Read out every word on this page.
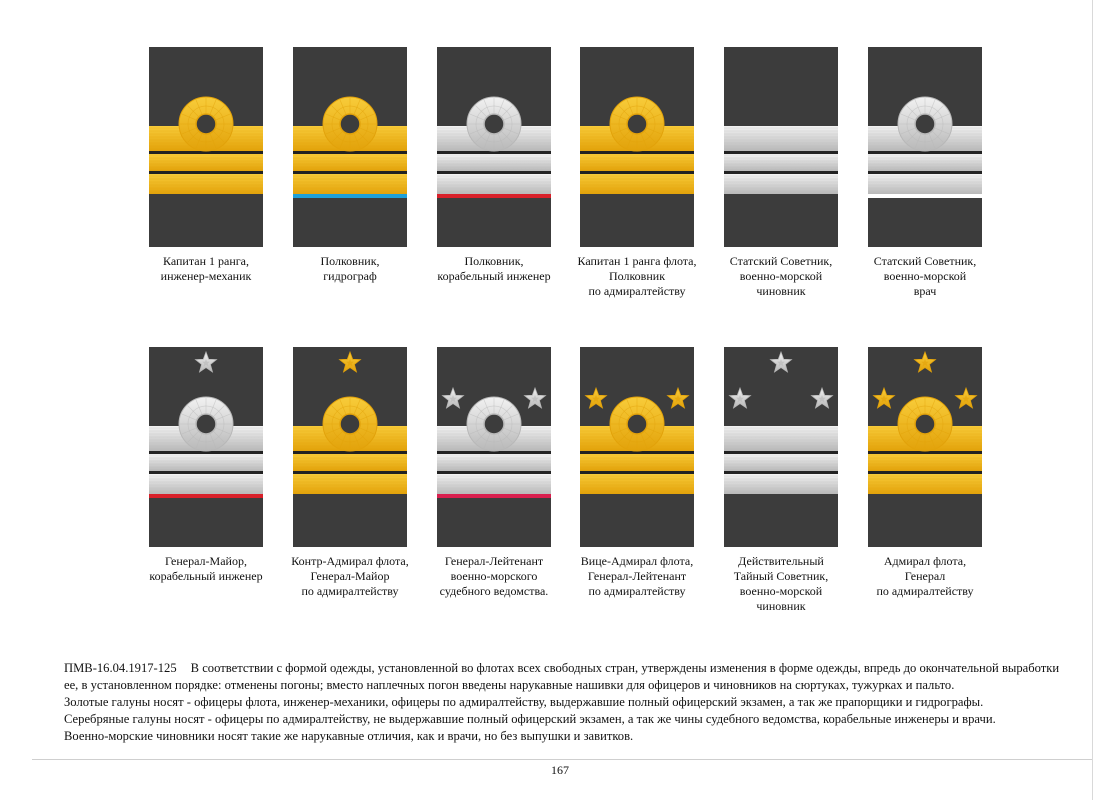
Капитан 1 ранга,
инженер-механик
Полковник,
гидрограф
Полковник,
корабельный инженер
Капитан 1 ранга флота,
Полковник
по адмиралтейству
Статский Советник,
военно-морской
чиновник
Статский Советник,
военно-морской
врач
Генерал-Майор,
корабельный инженер
Контр-Адмирал флота,
Генерал-Майор
по адмиралтейству
Генерал-Лейтенант
военно-морского
судебного ведомства.
Вице-Адмирал флота,
Генерал-Лейтенант
по адмиралтейству
Действительный
Тайный Советник,
военно-морской
чиновник
Адмирал флота,
Генерал
по адмиралтейству

ПМВ-16.04.1917-125 В соответствии с формой одежды, установленной во флотах всех свободных стран, утверждены изменения в форме одежды, впредь до окончательной выработки ее, в установленном порядке: отменены погоны; вместо наплечных погон введены нарукавные нашивки для офицеров и чиновников на сюртуках, тужурках и пальто.

Золотые галуны носят - офицеры флота, инженер-механики, офицеры по адмиралтейству, выдержавшие полный офицерский экзамен, а так же прапорщики и гидрографы.

Серебряные галуны носят - офицеры по адмиралтейству, не выдержавшие полный офицерский экзамен, а так же чины судебного ведомства, корабельные инженеры и врачи.

Военно-морские чиновники носят такие же нарукавные отличия, как и врачи, но без выпушки и завитков.

167
